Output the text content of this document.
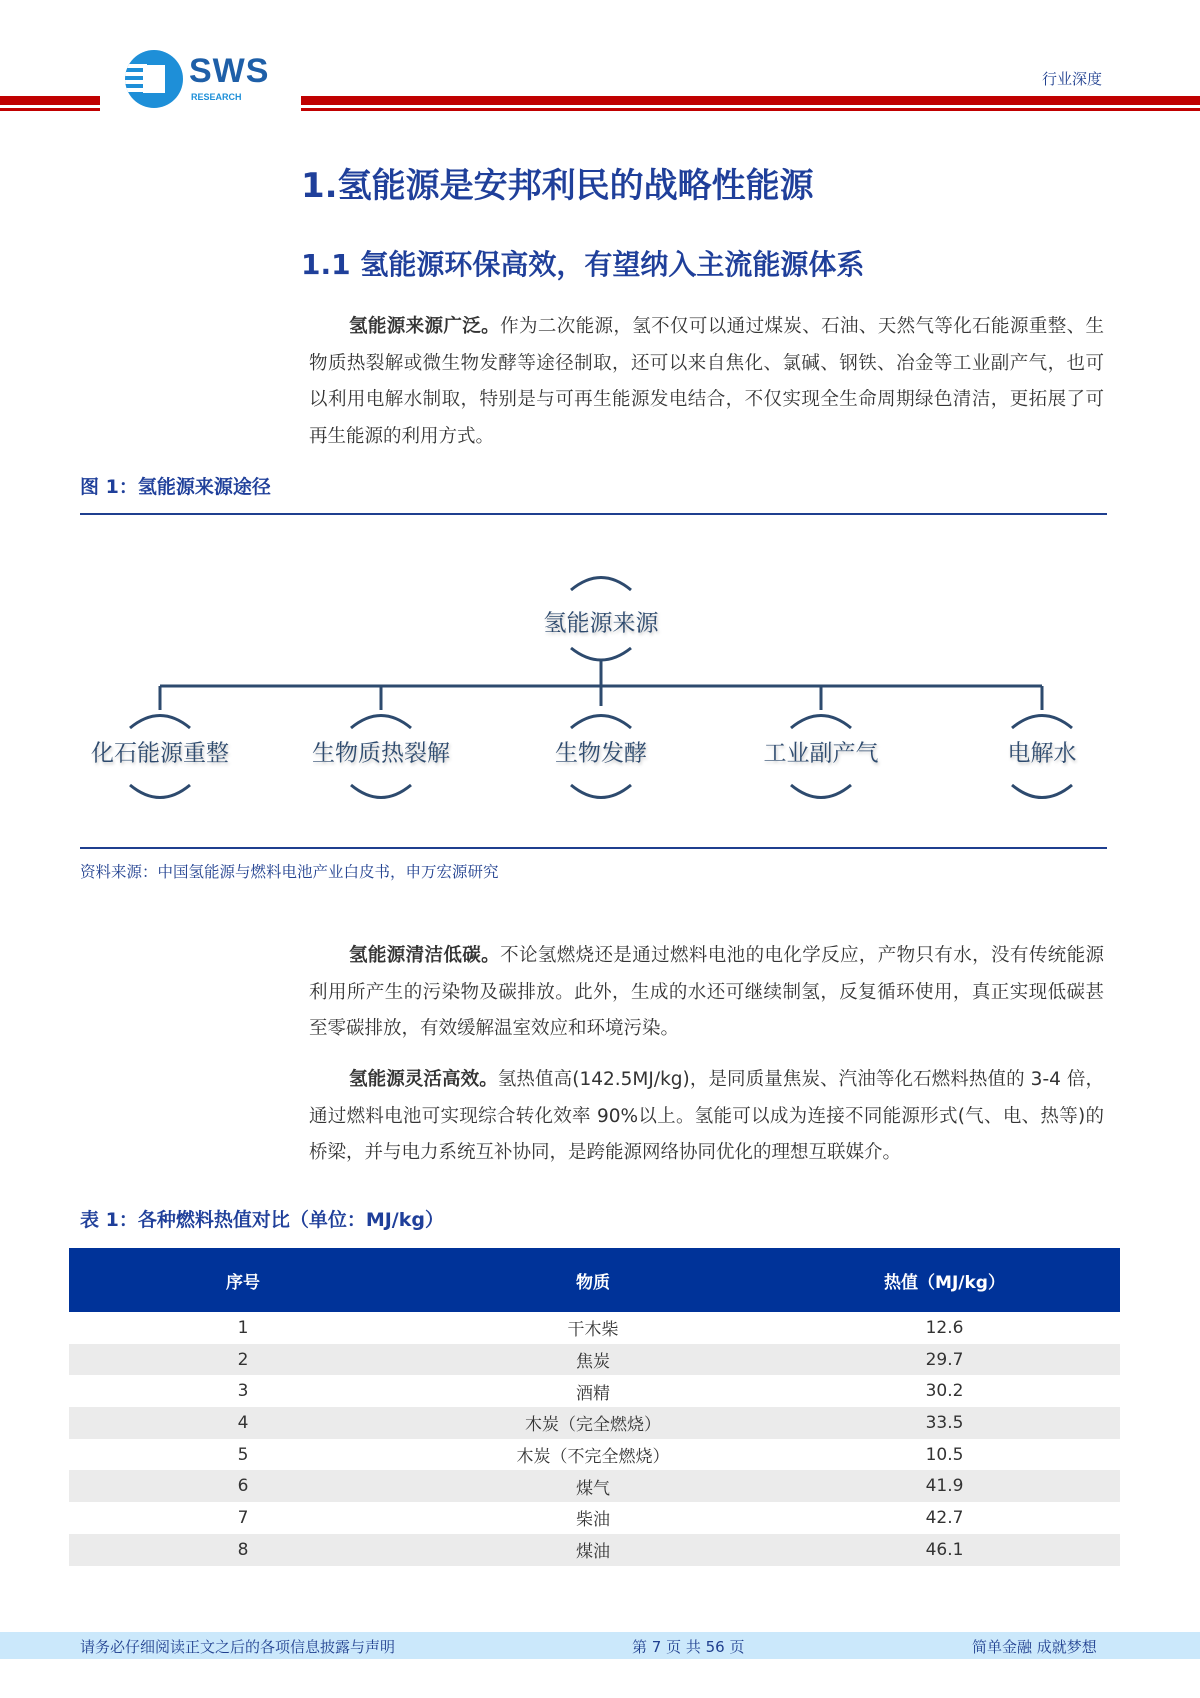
SWS
RESEARCH
行业深度
1.氢能源是安邦利民的战略性能源
1.1 氢能源环保高效，有望纳入主流能源体系
氢能源来源广泛。作为二次能源，氢不仅可以通过煤炭、石油、天然气等化石能源重整、生物质热裂解或微生物发酵等途径制取，还可以来自焦化、氯碱、钢铁、冶金等工业副产气，也可以利用电解水制取，特别是与可再生能源发电结合，不仅实现全生命周期绿色清洁，更拓展了可再生能源的利用方式。
图 1：氢能源来源途径
氢能源来源
化石能源重整	生物质热裂解	生物发酵	工业副产气	电解水
资料来源：中国氢能源与燃料电池产业白皮书，申万宏源研究
氢能源清洁低碳。不论氢燃烧还是通过燃料电池的电化学反应，产物只有水，没有传统能源利用所产生的污染物及碳排放。此外，生成的水还可继续制氢，反复循环使用，真正实现低碳甚至零碳排放，有效缓解温室效应和环境污染。
氢能源灵活高效。氢热值高(142.5MJ/kg)，是同质量焦炭、汽油等化石燃料热值的 3-4 倍，通过燃料电池可实现综合转化效率 90%以上。氢能可以成为连接不同能源形式(气、电、热等)的桥梁，并与电力系统互补协同，是跨能源网络协同优化的理想互联媒介。
表 1：各种燃料热值对比（单位：MJ/kg）
序号	物质	热值（MJ/kg）
1	干木柴	12.6
2	焦炭	29.7
3	酒精	30.2
4	木炭（完全燃烧）	33.5
5	木炭（不完全燃烧）	10.5
6	煤气	41.9
7	柴油	42.7
8	煤油	46.1
请务必仔细阅读正文之后的各项信息披露与声明	第 7 页 共 56 页	简单金融 成就梦想
